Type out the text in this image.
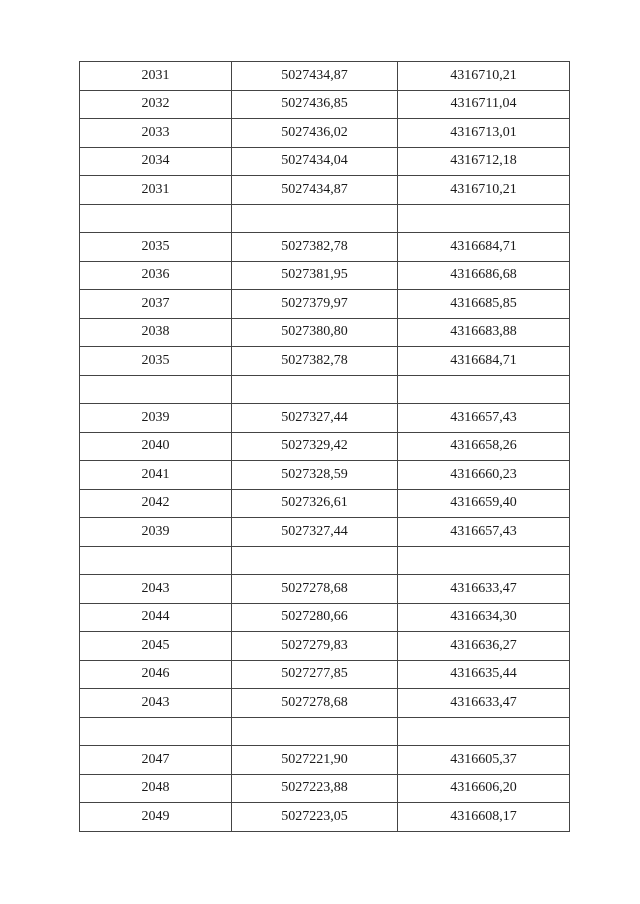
2031	5027434,87	4316710,21
2032	5027436,85	4316711,04
2033	5027436,02	4316713,01
2034	5027434,04	4316712,18
2031	5027434,87	4316710,21

2035	5027382,78	4316684,71
2036	5027381,95	4316686,68
2037	5027379,97	4316685,85
2038	5027380,80	4316683,88
2035	5027382,78	4316684,71

2039	5027327,44	4316657,43
2040	5027329,42	4316658,26
2041	5027328,59	4316660,23
2042	5027326,61	4316659,40
2039	5027327,44	4316657,43

2043	5027278,68	4316633,47
2044	5027280,66	4316634,30
2045	5027279,83	4316636,27
2046	5027277,85	4316635,44
2043	5027278,68	4316633,47

2047	5027221,90	4316605,37
2048	5027223,88	4316606,20
2049	5027223,05	4316608,17
